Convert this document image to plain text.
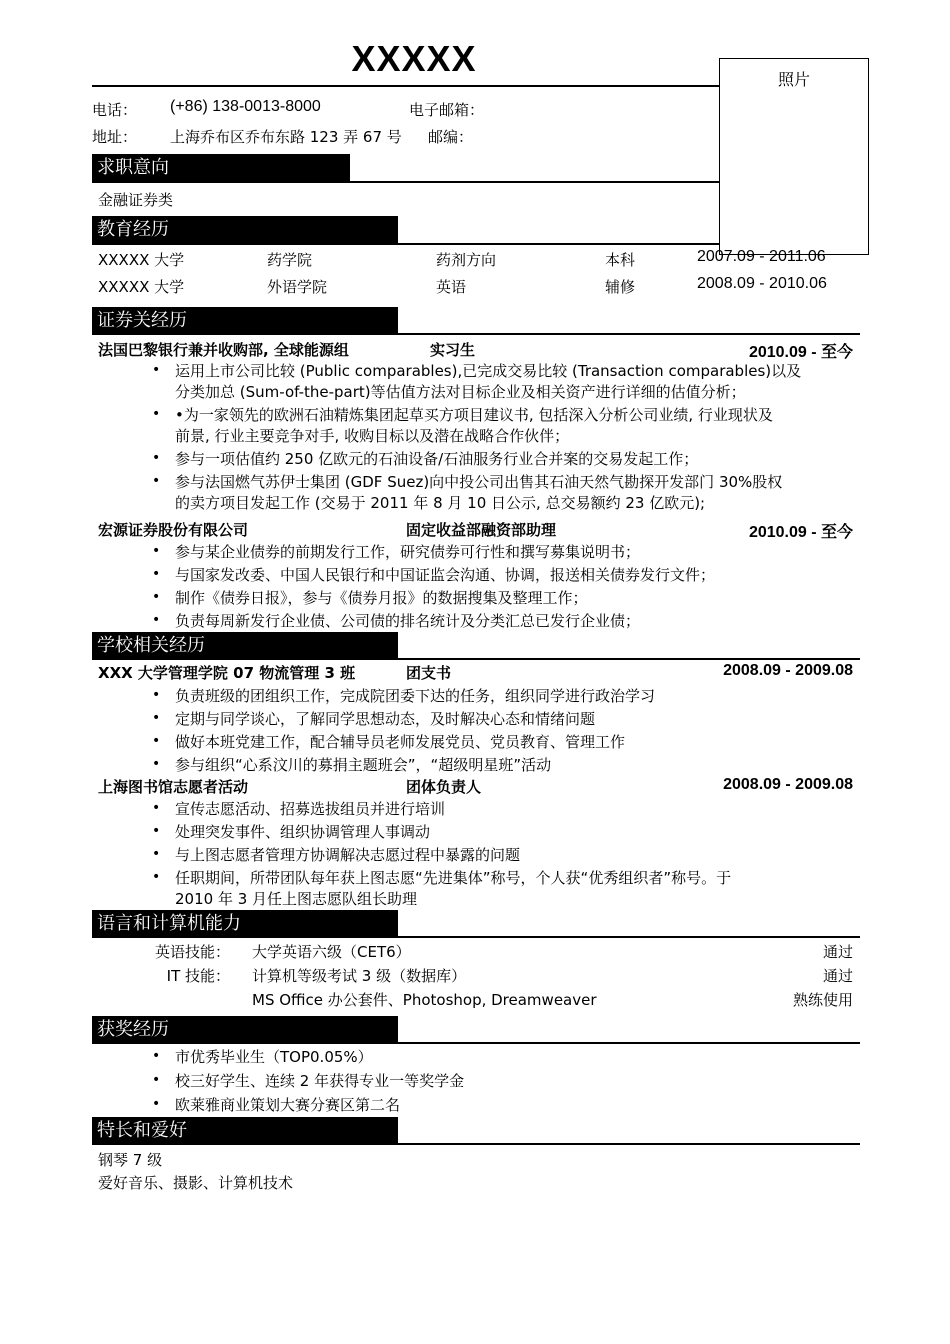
XXXXX
照片
电话： (+86) 138-0013-8000	电子邮箱：
地址： 上海乔布区乔布东路 123 弄 67 号 邮编：
求职意向
金融证券类
教育经历
XXXXX 大学	药学院	药剂方向	本科	2007.09 - 2011.06
XXXXX 大学	外语学院	英语	辅修	2008.09 - 2010.06
证券关经历
法国巴黎银行兼并收购部, 全球能源组	实习生	2010.09 - 至今
• 运用上市公司比较 (Public comparables),已完成交易比较 (Transaction comparables)以及
分类加总 (Sum-of-the-part)等估值方法对目标企业及相关资产进行详细的估值分析；
• •为一家领先的欧洲石油精炼集团起草买方项目建议书, 包括深入分析公司业绩, 行业现状及
前景, 行业主要竞争对手, 收购目标以及潜在战略合作伙伴；
• 参与一项估值约 250 亿欧元的石油设备/石油服务行业合并案的交易发起工作；
• 参与法国燃气苏伊士集团 (GDF Suez)向中投公司出售其石油天然气勘探开发部门 30%股权
的卖方项目发起工作 (交易于 2011 年 8 月 10 日公示, 总交易额约 23 亿欧元);
宏源证券股份有限公司	固定收益部融资部助理	2010.09 - 至今
• 参与某企业债券的前期发行工作，研究债券可行性和撰写募集说明书；
• 与国家发改委、中国人民银行和中国证监会沟通、协调，报送相关债券发行文件；
• 制作《债券日报》，参与《债券月报》的数据搜集及整理工作；
• 负责每周新发行企业债、公司债的排名统计及分类汇总已发行企业债；
学校相关经历
XXX 大学管理学院 07 物流管理 3 班	团支书	2008.09 - 2009.08
• 负责班级的团组织工作，完成院团委下达的任务，组织同学进行政治学习
• 定期与同学谈心，了解同学思想动态，及时解决心态和情绪问题
• 做好本班党建工作，配合辅导员老师发展党员、党员教育、管理工作
• 参与组织“心系汶川的募捐主题班会”，“超级明星班”活动
上海图书馆志愿者活动	团体负责人	2008.09 - 2009.08
• 宣传志愿活动、招募选拔组员并进行培训
• 处理突发事件、组织协调管理人事调动
• 与上图志愿者管理方协调解决志愿过程中暴露的问题
• 任职期间，所带团队每年获上图志愿“先进集体”称号，个人获“优秀组织者”称号。于
2010 年 3 月任上图志愿队组长助理
语言和计算机能力
英语技能： 大学英语六级（CET6）	通过
IT 技能： 计算机等级考试 3 级（数据库）	通过
MS Office 办公套件、Photoshop, Dreamweaver	熟练使用
获奖经历
• 市优秀毕业生（TOP0.05%）
• 校三好学生、连续 2 年获得专业一等奖学金
• 欧莱雅商业策划大赛分赛区第二名
特长和爱好
钢琴 7 级
爱好音乐、摄影、计算机技术
